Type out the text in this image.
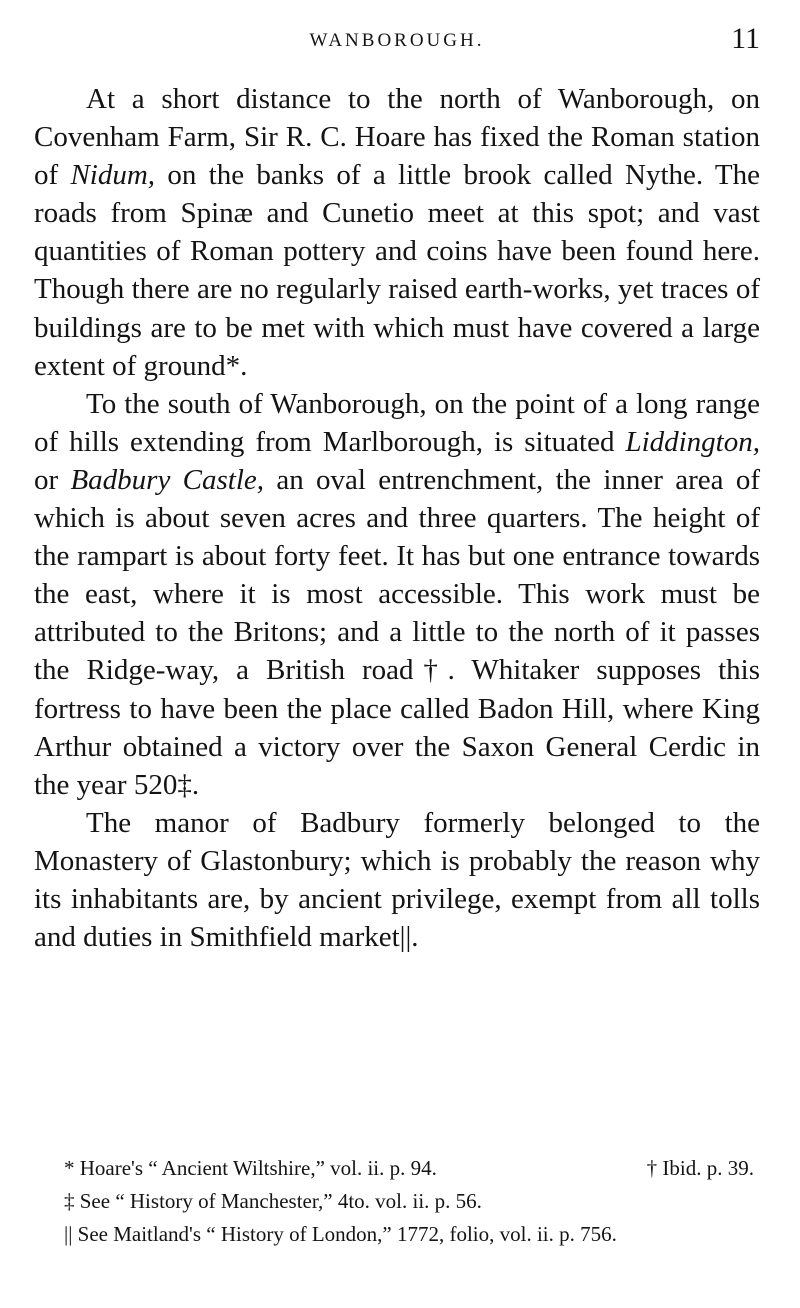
WANBOROUGH.	11

At a short distance to the north of Wanborough, on Covenham Farm, Sir R. C. Hoare has fixed the Roman station of Nidum, on the banks of a little brook called Nythe. The roads from Spinæ and Cunetio meet at this spot; and vast quantities of Roman pottery and coins have been found here. Though there are no regularly raised earth-works, yet traces of buildings are to be met with which must have covered a large extent of ground*.

To the south of Wanborough, on the point of a long range of hills extending from Marlborough, is situated Liddington, or Badbury Castle, an oval entrenchment, the inner area of which is about seven acres and three quarters. The height of the rampart is about forty feet. It has but one entrance towards the east, where it is most accessible. This work must be attributed to the Britons; and a little to the north of it passes the Ridge-way, a British road†. Whitaker supposes this fortress to have been the place called Badon Hill, where King Arthur obtained a victory over the Saxon General Cerdic in the year 520‡.

The manor of Badbury formerly belonged to the Monastery of Glastonbury; which is probably the reason why its inhabitants are, by ancient privilege, exempt from all tolls and duties in Smithfield market||.

* Hoare's “ Ancient Wiltshire,” vol. ii. p. 94.	† Ibid. p. 39.
‡ See “ History of Manchester,” 4to. vol. ii. p. 56.
|| See Maitland's “ History of London,” 1772, folio, vol. ii. p. 756.
